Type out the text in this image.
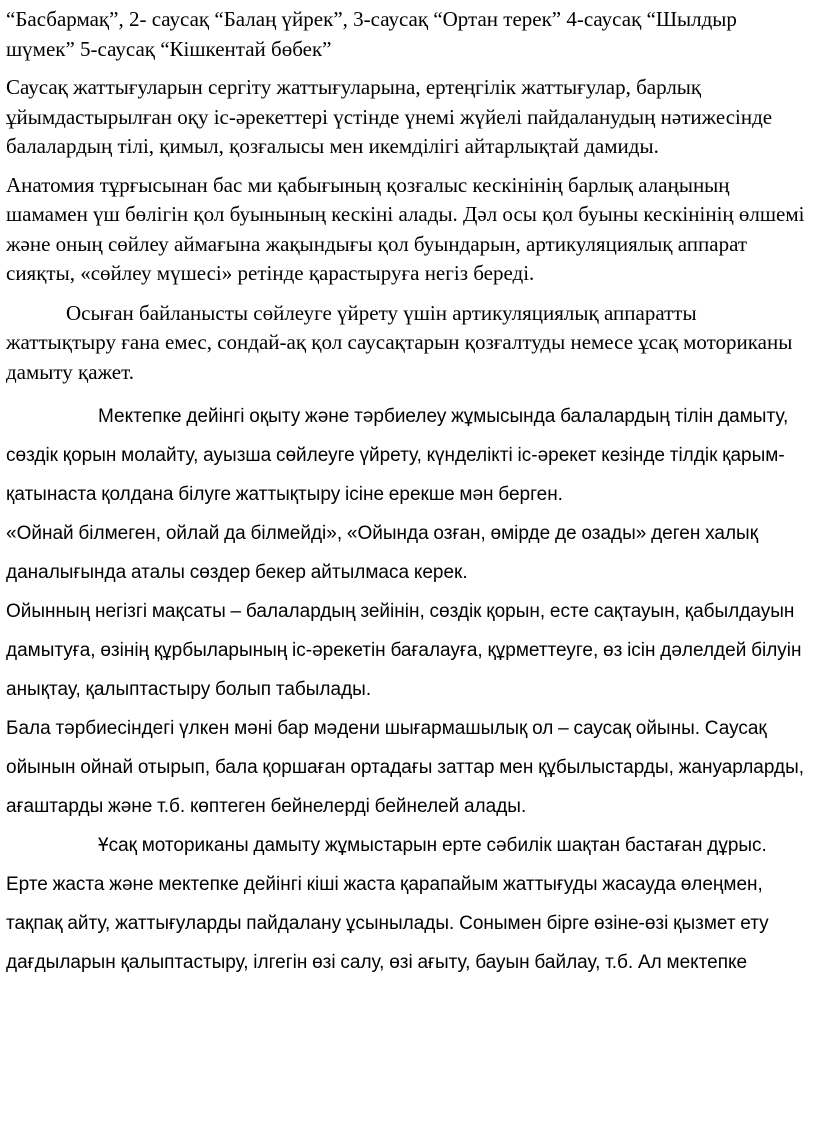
“Басбармақ”, 2- саусақ “Балаң үйрек”, 3-саусақ “Ортан терек” 4-саусақ “Шылдыр шүмек” 5-саусақ “Кішкентай бөбек”

Саусақ жаттығуларын сергіту жаттығуларына, ертеңгілік жаттығулар, барлық ұйымдастырылған оқу іс-әрекеттері үстінде үнемі жүйелі пайдаланудың нәтижесінде балалардың тілі, қимыл, қозғалысы мен икемділігі айтарлықтай дамиды.

Анатомия тұрғысынан бас ми қабығының қозғалыс кескінінің барлық алаңының шамамен үш бөлігін қол буынының кескіні алады. Дәл осы қол буыны кескінінің өлшемі және оның сөйлеу аймағына жақындығы қол буындарын, артикуляциялық аппарат сияқты, «сөйлеу мүшесі» ретінде қарастыруға негіз береді.

Осыған байланысты сөйлеуге үйрету үшін артикуляциялық аппаратты жаттықтыру ғана емес, сондай-ақ қол саусақтарын қозғалтуды немесе ұсақ моториканы дамыту қажет.

Мектепке дейінгі оқыту және тәрбиелеу жұмысында балалардың тілін дамыту, сөздік қорын молайту, ауызша сөйлеуге үйрету, күнделікті іс-әрекет кезінде тілдік қарым-қатынаста қолдана білуге жаттықтыру ісіне ерекше мән берген.

«Ойнай білмеген, ойлай да білмейді», «Ойында озған, өмірде де озады» деген халық даналығында аталы сөздер бекер айтылмаса керек.

Ойынның негізгі мақсаты – балалардың зейінін, сөздік қорын, есте сақтауын, қабылдауын дамытуға, өзінің құрбыларының іс-әрекетін бағалауға, құрметтеуге, өз ісін дәлелдей білуін анықтау, қалыптастыру болып табылады.

Бала тәрбиесіндегі үлкен мәні бар мәдени шығармашылық ол – саусақ ойыны. Саусақ ойынын ойнай отырып, бала қоршаған ортадағы заттар мен құбылыстарды, жануарларды, ағаштарды және т.б. көптеген бейнелерді бейнелей алады.

Ұсақ моториканы дамыту жұмыстарын ерте сәбилік шақтан бастаған дұрыс. Ерте жаста және мектепке дейінгі кіші жаста қарапайым жаттығуды жасауда өлеңмен, тақпақ айту, жаттығуларды пайдалану ұсынылады. Сонымен бірге өзіне-өзі қызмет ету дағдыларын қалыптастыру, ілгегін өзі салу, өзі ағыту, бауын байлау, т.б. Ал мектепке
